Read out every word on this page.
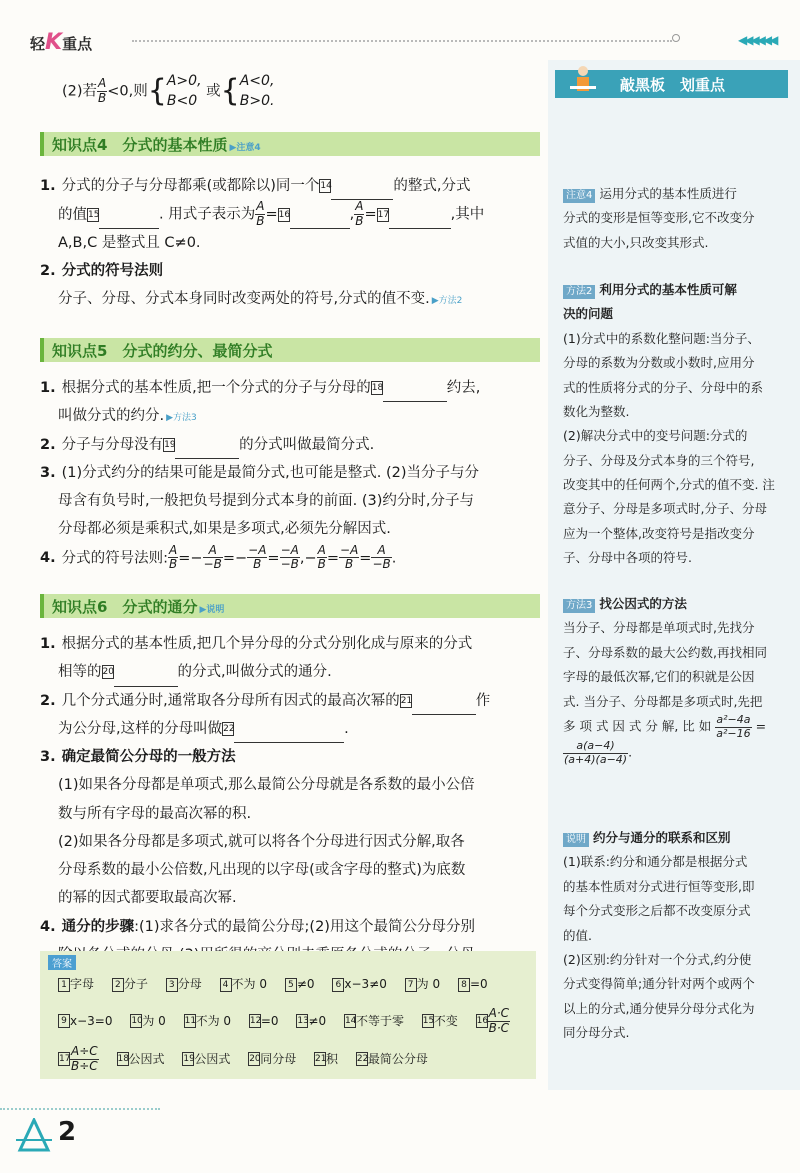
轻K重点	◀◀◀◀◀◀
(2)若 $\frac{A}{B} <0$,则{A>0,
B<0 或{A<0,
B>0.
知识点4　分式的基本性质 ▶注意4
1. 分式的分子与分母都乘(或都除以)同一个14	的整式,分式
的值15	. 用式子表示为 $\frac{A}{B} =16$	, $\frac{A}{B} =17$	,其中
A,B,C 是整式且 C≠0.
2. 分式的符号法则
分子、分母、分式本身同时改变两处的符号,分式的值不变. ▶方法2
知识点5　分式的约分、最简分式
1. 根据分式的基本性质,把一个分式的分子与分母的18	约去,
叫做分式的约分. ▶方法3
2. 分子与分母没有19	的分式叫做最简分式.
3. (1)分式约分的结果可能是最简分式,也可能是整式. (2)当分子与分
母含有负号时,一般把负号提到分式本身的前面. (3)约分时,分子与
分母都必须是乘积式,如果是多项式,必须先分解因式.
4. 分式的符号法则: $\frac{A}{B} =- \frac{A}{-B} =- \frac{-A}{B} = \frac{-A}{-B}$ ,− $\frac{A}{B} = \frac{-A}{B} = \frac{A}{-B}$ .
知识点6　分式的通分 ▶说明
1. 根据分式的基本性质,把几个异分母的分式分别化成与原来的分式
相等的20	的分式,叫做分式的通分.
2. 几个分式通分时,通常取各分母所有因式的最高次幂的21	作
为公分母,这样的分母叫做22	.
3. 确定最简公分母的一般方法
(1)如果各分母都是单项式,那么最简公分母就是各系数的最小公倍
数与所有字母的最高次幂的积.
(2)如果各分母都是多项式,就可以将各个分母进行因式分解,取各
分母系数的最小公倍数,凡出现的以字母(或含字母的整式)为底数
的幂的因式都要取最高次幂.
4. 通分的步骤:(1)求各分式的最简公分母;(2)用这个最简公分母分别

答案
1 字母 2 分子 3 分母 4 不为 0 5 ≠0 6 x−3≠0 7 为 0 8 =0
9 x−3=0 10为 0 11不为 0 12=0 13≠0 14不等于零 15不变 $16 \frac{A\cdot C}{B\cdot C}$
$17 \frac{A\div C}{B\div C} 18$公因式 19公因式 20同分母 21积 22最简公分母
敲黑板　划重点
注意4 运用分式的基本性质进行
分式的变形是恒等变形,它不改变分
式值的大小,只改变其形式.
方法2 利用分式的基本性质可解
决的问题
(1)分式中的系数化整问题:当分子、
分母的系数为分数或小数时,应用分
式的性质将分式的分子、分母中的系
数化为整数.
(2)解决分式中的变号问题:分式的
分子、分母及分式本身的三个符号,
改变其中的任何两个,分式的值不变. 注
意分子、分母是多项式时,分子、分母
应为一个整体,改变符号是指改变分
子、分母中各项的符号.
方法3 找公因式的方法
当分子、分母都是单项式时,先找分
子、分母系数的最大公约数,再找相同
字母的最低次幂,它们的积就是公因
式. 当分子、分母都是多项式时,先把
多 项 式 因 式 分 解, 比 如 $\frac{\text{a²−4a}}{\text{a²−16}}$ =

$\frac{a(a-4)}{(a+4)(a-4)}$ .
说明 约分与通分的联系和区别
(1)联系:约分和通分都是根据分式
的基本性质对分式进行恒等变形,即
每个分式变形之后都不改变原分式
的值.
(2)区别:约分针对一个分式,约分使
分式变得简单;通分针对两个或两个
以上的分式,通分使异分母分式化为
同分母分式.
2
